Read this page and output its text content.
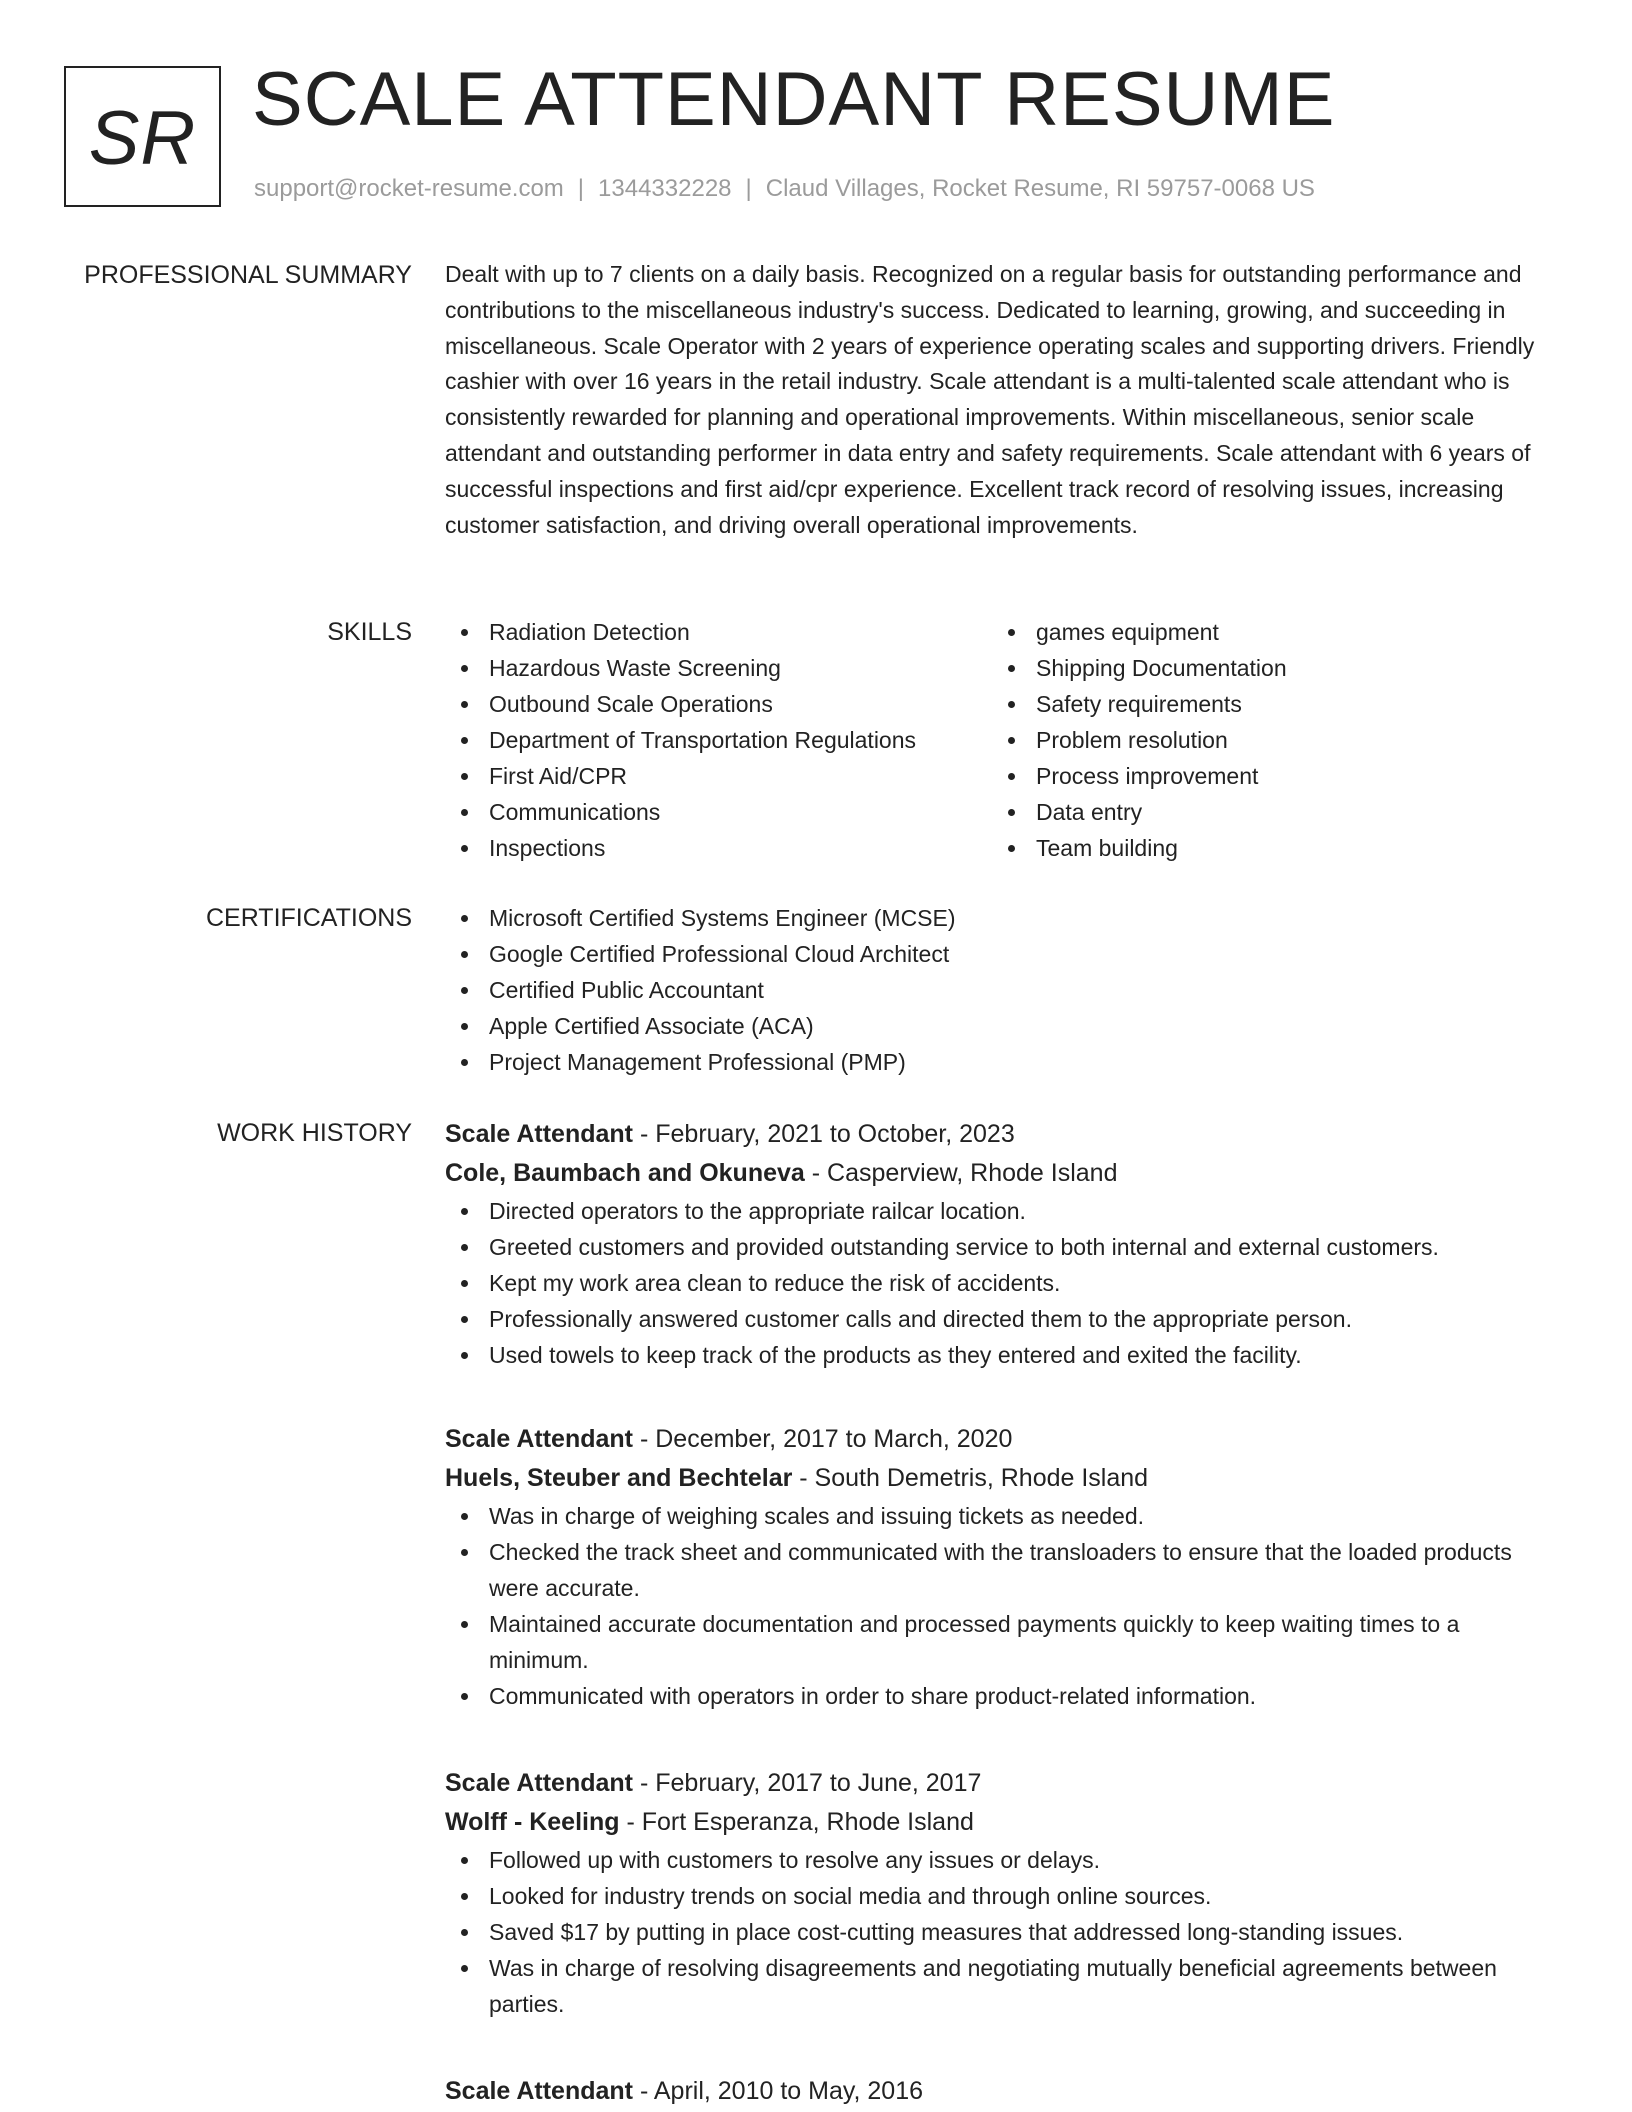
SR SCALE ATTENDANT RESUME
support@rocket-resume.com | 1344332228 | Claud Villages, Rocket Resume, RI 59757-0068 US
PROFESSIONAL SUMMARY Dealt with up to 7 clients on a daily basis. Recognized on a regular basis for outstanding performance and contributions to the miscellaneous industry's success. Dedicated to learning, growing, and succeeding in miscellaneous. Scale Operator with 2 years of experience operating scales and supporting drivers. Friendly cashier with over 16 years in the retail industry. Scale attendant is a multi-talented scale attendant who is consistently rewarded for planning and operational improvements. Within miscellaneous, senior scale attendant and outstanding performer in data entry and safety requirements. Scale attendant with 6 years of successful inspections and first aid/cpr experience. Excellent track record of resolving issues, increasing customer satisfaction, and driving overall operational improvements.

SKILLS	Radiation Detection
Hazardous Waste Screening
Outbound Scale Operations
Department of Transportation Regulations
First Aid/CPR
Communications
Inspections
games equipment
Shipping Documentation
Safety requirements
Problem resolution
Process improvement
Data entry
Team building
CERTIFICATIONS	Microsoft Certified Systems Engineer (MCSE)
Google Certified Professional Cloud Architect
Certified Public Accountant
Apple Certified Associate (ACA)
Project Management Professional (PMP)
WORK HISTORY Scale Attendant - February, 2021 to October, 2023
Cole, Baumbach and Okuneva - Casperview, Rhode Island
Directed operators to the appropriate railcar location.
Greeted customers and provided outstanding service to both internal and external customers.
Kept my work area clean to reduce the risk of accidents.
Professionally answered customer calls and directed them to the appropriate person.
Used towels to keep track of the products as they entered and exited the facility.
Scale Attendant - December, 2017 to March, 2020
Huels, Steuber and Bechtelar - South Demetris, Rhode Island
Was in charge of weighing scales and issuing tickets as needed.
Checked the track sheet and communicated with the transloaders to ensure that the loaded products were accurate.
Maintained accurate documentation and processed payments quickly to keep waiting times to a minimum.
Communicated with operators in order to share product-related information.
Scale Attendant - February, 2017 to June, 2017
Wolff - Keeling - Fort Esperanza, Rhode Island
Followed up with customers to resolve any issues or delays.
Looked for industry trends on social media and through online sources.
Saved $17 by putting in place cost-cutting measures that addressed long-standing issues.
Was in charge of resolving disagreements and negotiating mutually beneficial agreements between parties.
Scale Attendant - April, 2010 to May, 2016
